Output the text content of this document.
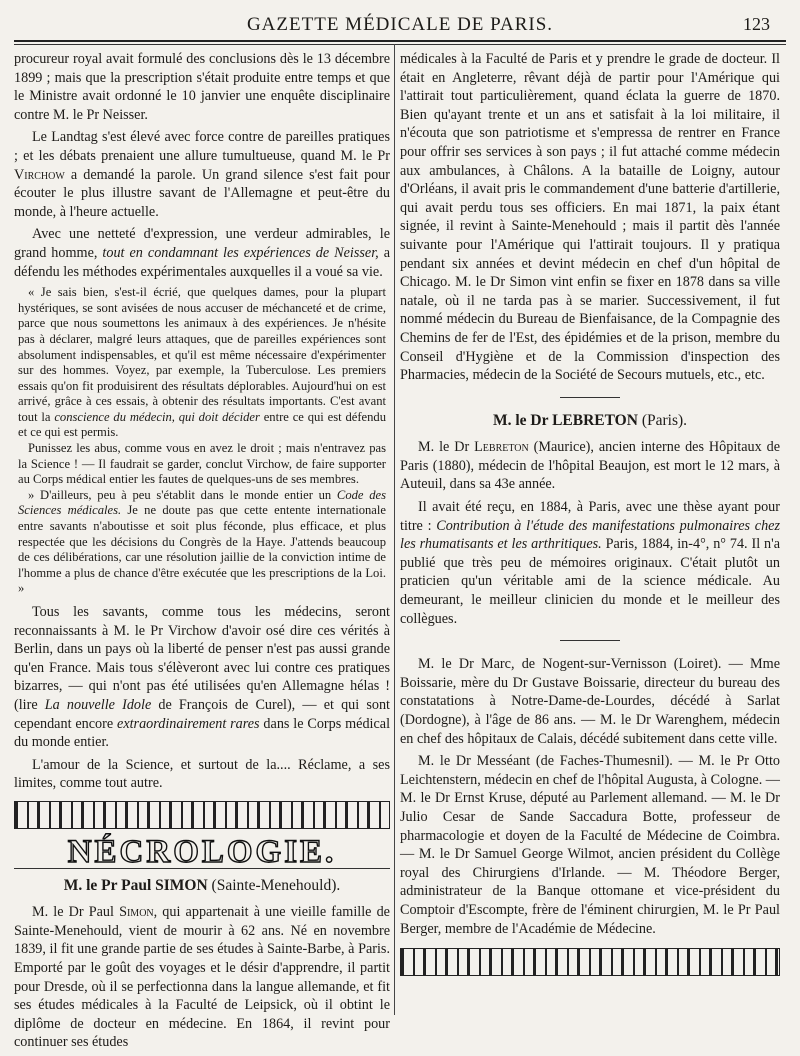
GAZETTE MÉDICALE DE PARIS.	123

procureur royal avait formulé des conclusions dès le 13 décembre 1899 ; mais que la prescription s'était produite entre temps et que le Ministre avait ordonné le 10 janvier une enquête disciplinaire contre M. le Pr Neisser.

Le Landtag s'est élevé avec force contre de pareilles pratiques ; et les débats prenaient une allure tumultueuse, quand M. le Pr Virchow a demandé la parole. Un grand silence s'est fait pour écouter le plus illustre savant de l'Allemagne et peut-être du monde, à l'heure actuelle.

Avec une netteté d'expression, une verdeur admirables, le grand homme, tout en condamnant les expériences de Neisser, a défendu les méthodes expérimentales auxquelles il a voué sa vie.

« Je sais bien, s'est-il écrié, que quelques dames, pour la plupart hystériques, se sont avisées de nous accuser de méchanceté et de crime, parce que nous soumettons les animaux à des expériences. Je n'hésite pas à déclarer, malgré leurs attaques, que de pareilles expériences sont absolument indispensables, et qu'il est même nécessaire d'expérimenter sur des hommes. Voyez, par exemple, la Tuberculose. Les premiers essais qu'on fit produisirent des résultats déplorables. Aujourd'hui on est arrivé, grâce à ces essais, à obtenir des résultats importants. C'est avant tout la conscience du médecin, qui doit décider entre ce qui est défendu et ce qui est permis.

Punissez les abus, comme vous en avez le droit ; mais n'entravez pas la Science ! — Il faudrait se garder, conclut Virchow, de faire supporter au Corps médical entier les fautes de quelques-uns de ses membres.

» D'ailleurs, peu à peu s'établit dans le monde entier un Code des Sciences médicales. Je ne doute pas que cette entente internationale entre savants n'aboutisse et soit plus féconde, plus efficace, et plus respectée que les décisions du Congrès de la Haye. J'attends beaucoup de ces délibérations, car une résolution jaillie de la conviction intime de l'homme a plus de chance d'être exécutée que les prescriptions de la Loi. »

Tous les savants, comme tous les médecins, seront reconnaissants à M. le Pr Virchow d'avoir osé dire ces vérités à Berlin, dans un pays où la liberté de penser n'est pas aussi grande qu'en France. Mais tous s'élèveront avec lui contre ces pratiques bizarres, — qui n'ont pas été utilisées qu'en Allemagne hélas ! (lire La nouvelle Idole de François de Curel), — et qui sont cependant encore extraordinairement rares dans le Corps médical du monde entier.

L'amour de la Science, et surtout de la.... Réclame, a ses limites, comme tout autre.

NÉCROLOGIE.
M. le Pr Paul SIMON (Sainte-Menehould).

M. le Dr Paul Simon, qui appartenait à une vieille famille de Sainte-Menehould, vient de mourir à 62 ans. Né en novembre 1839, il fit une grande partie de ses études à Sainte-Barbe, à Paris. Emporté par le goût des voyages et le désir d'apprendre, il partit pour Dresde, où il se perfectionna dans la langue allemande, et fit ses études médicales à la Faculté de Leipsick, où il obtint le diplôme de docteur en médecine. En 1864, il revint pour continuer ses études

médicales à la Faculté de Paris et y prendre le grade de docteur. Il était en Angleterre, rêvant déjà de partir pour l'Amérique qui l'attirait tout particulièrement, quand éclata la guerre de 1870. Bien qu'ayant trente et un ans et satisfait à la loi militaire, il n'écouta que son patriotisme et s'empressa de rentrer en France pour offrir ses services à son pays ; il fut attaché comme médecin aux ambulances, à Châlons. A la bataille de Loigny, autour d'Orléans, il avait pris le commandement d'une batterie d'artillerie, qui avait perdu tous ses officiers. En mai 1871, la paix étant signée, il revint à Sainte-Menehould ; mais il partit dès l'année suivante pour l'Amérique qui l'attirait toujours. Il y pratiqua pendant six années et devint médecin en chef d'un hôpital de Chicago. M. le Dr Simon vint enfin se fixer en 1878 dans sa ville natale, où il ne tarda pas à se marier. Successivement, il fut nommé médecin du Bureau de Bienfaisance, de la Compagnie des Chemins de fer de l'Est, des épidémies et de la prison, membre du Conseil d'Hygiène et de la Commission d'inspection des Pharmacies, médecin de la Société de Secours mutuels, etc., etc.

M. le Dr LEBRETON (Paris).

M. le Dr Lebreton (Maurice), ancien interne des Hôpitaux de Paris (1880), médecin de l'hôpital Beaujon, est mort le 12 mars, à Auteuil, dans sa 43e année.

Il avait été reçu, en 1884, à Paris, avec une thèse ayant pour titre : Contribution à l'étude des manifestations pulmonaires chez les rhumatisants et les arthritiques. Paris, 1884, in-4°, n° 74. Il n'a publié que très peu de mémoires originaux. C'était plutôt un praticien qu'un véritable ami de la science médicale. Au demeurant, le meilleur clinicien du monde et le meilleur des collègues.

M. le Dr Marc, de Nogent-sur-Vernisson (Loiret). — Mme Boissarie, mère du Dr Gustave Boissarie, directeur du bureau des constatations à Notre-Dame-de-Lourdes, décédé à Sarlat (Dordogne), à l'âge de 86 ans. — M. le Dr Warenghem, médecin en chef des hôpitaux de Calais, décédé subitement dans cette ville.

M. le Dr Messéant (de Faches-Thumesnil). — M. le Pr Otto Leichtenstern, médecin en chef de l'hôpital Augusta, à Cologne. — M. le Dr Ernst Kruse, député au Parlement allemand. — M. le Dr Julio Cesar de Sande Saccadura Botte, professeur de pharmacologie et doyen de la Faculté de Médecine de Coimbra. — M. le Dr Samuel George Wilmot, ancien président du Collège royal des Chirurgiens d'Irlande. — M. Théodore Berger, administrateur de la Banque ottomane et vice-président du Comptoir d'Escompte, frère de l'éminent chirurgien, M. le Pr Paul Berger, membre de l'Académie de Médecine.
